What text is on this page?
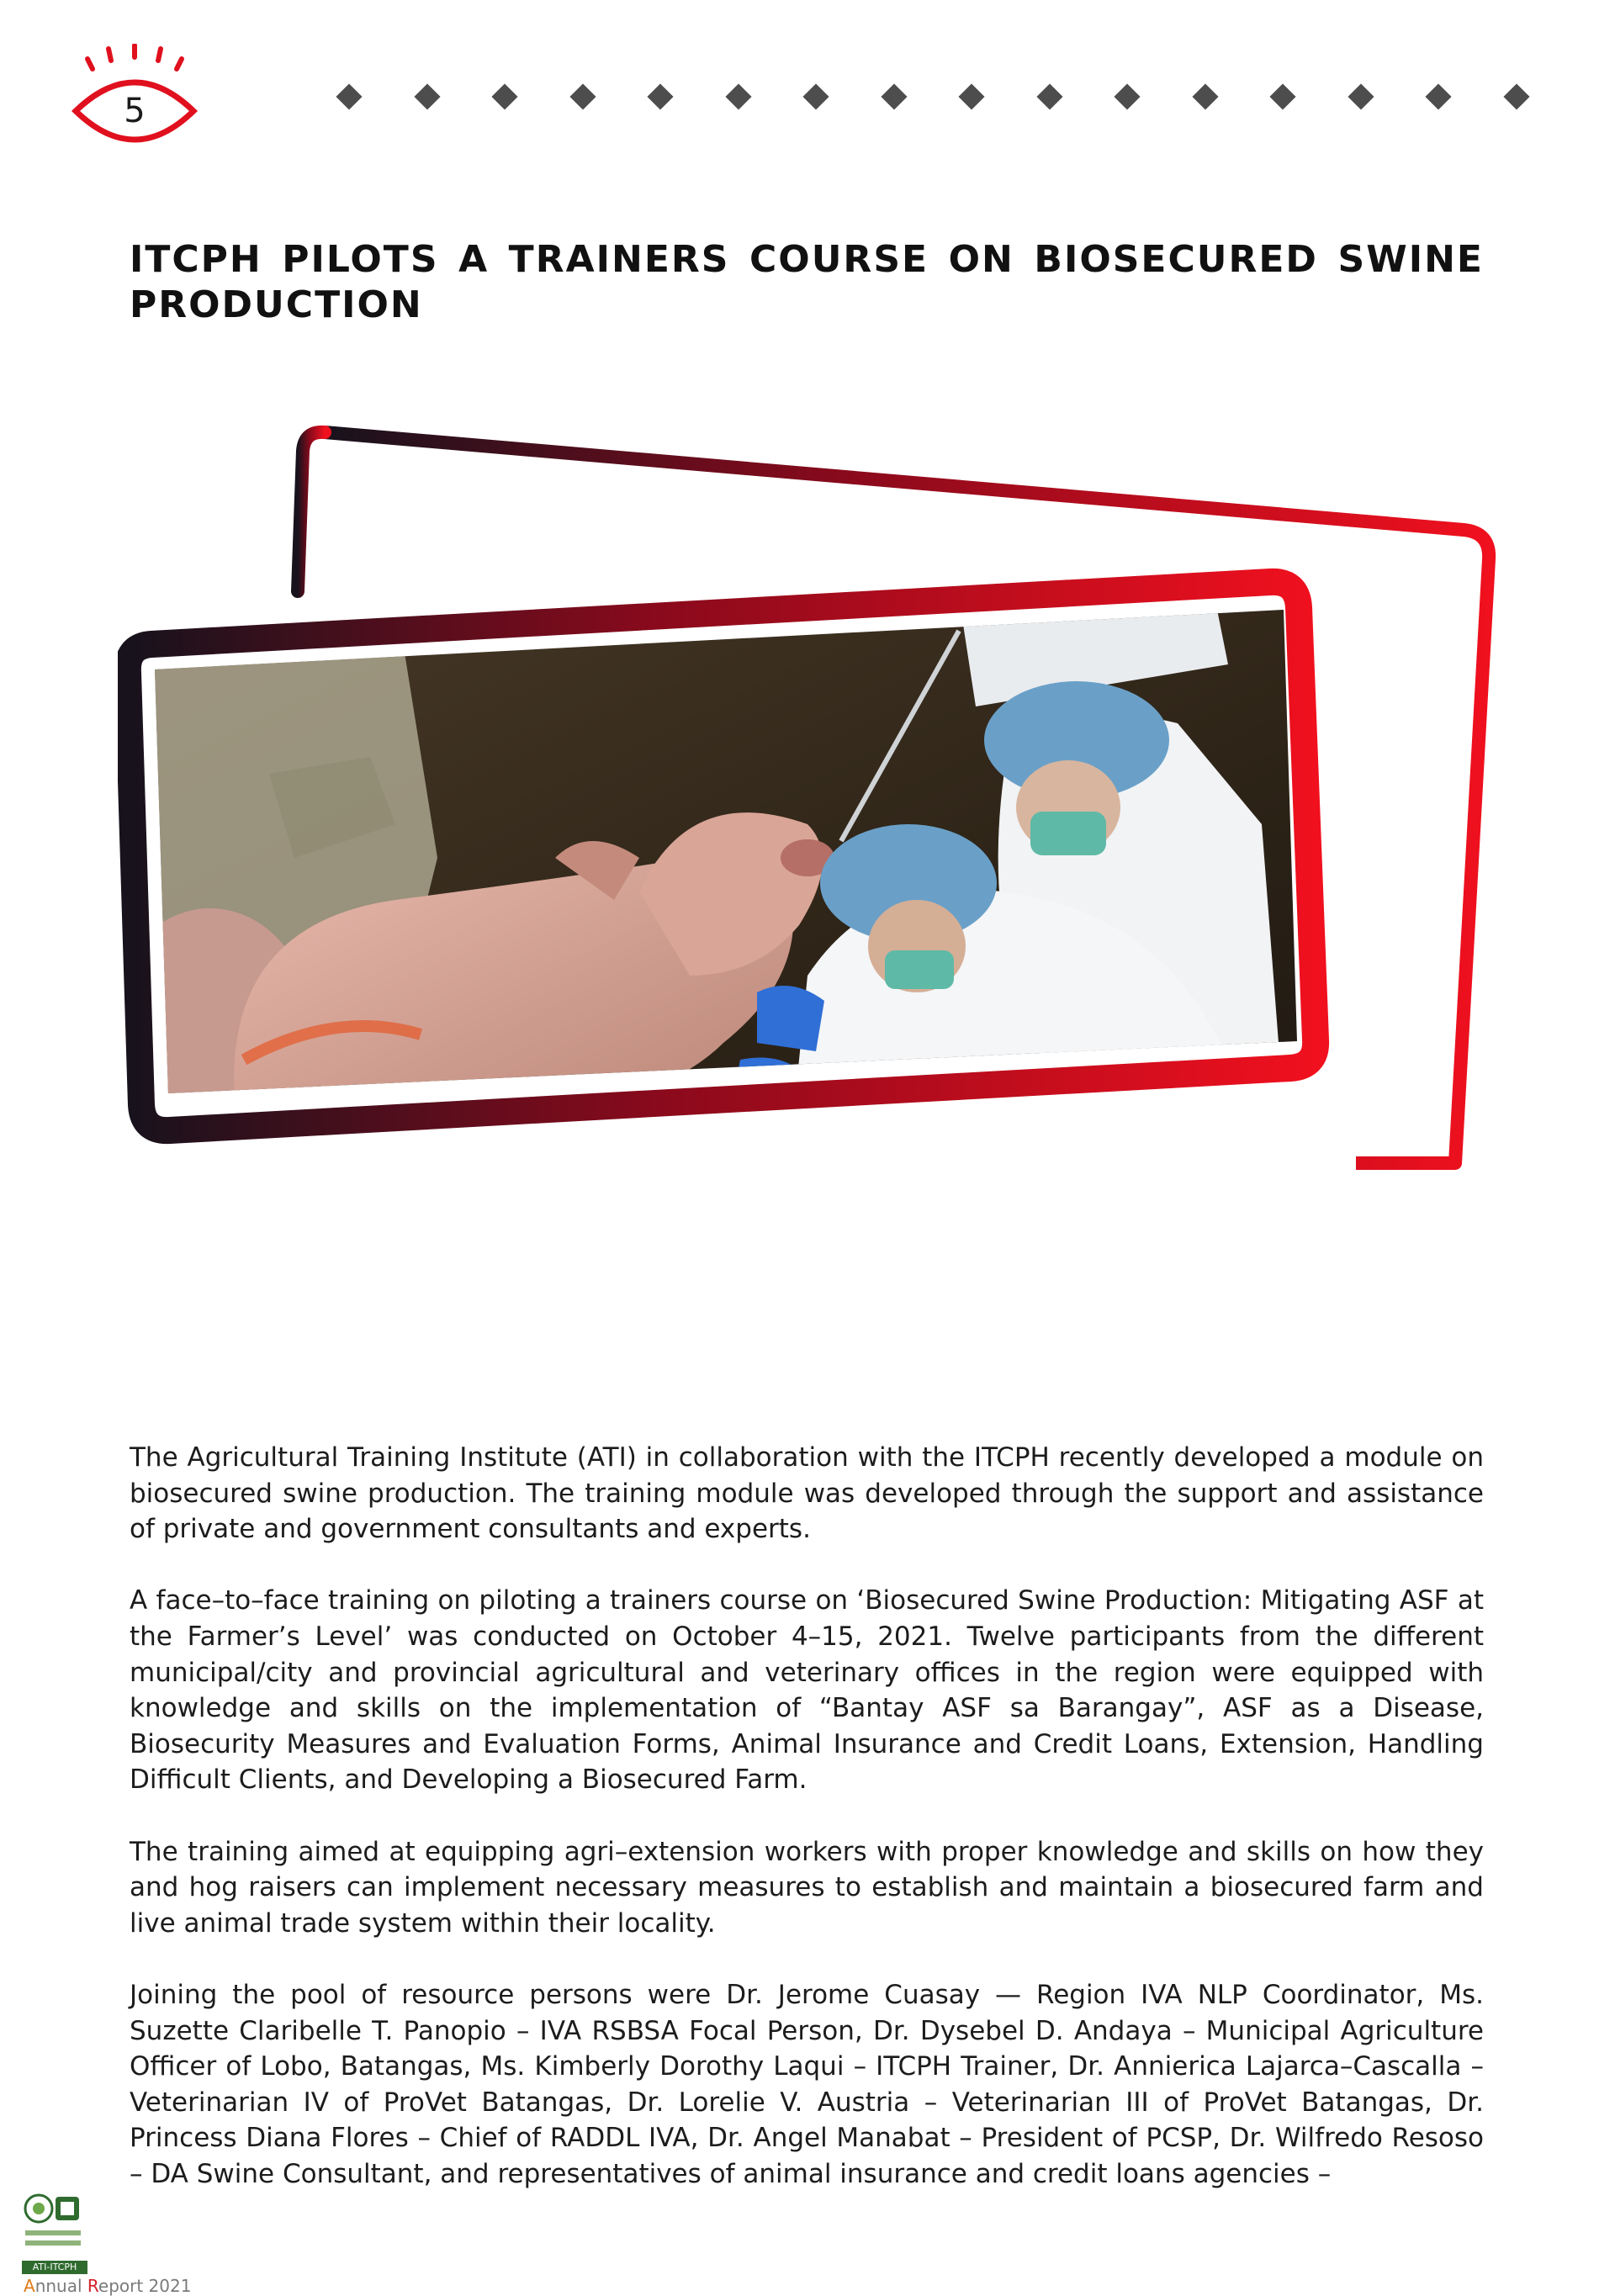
5
ITCPH PILOTS A TRAINERS COURSE ON BIOSECURED SWINE PRODUCTION

The Agricultural Training Institute (ATI) in collaboration with the ITCPH recently developed a module on biosecured swine production. The training module was developed through the support and assistance of private and government consultants and experts.

A face–to–face training on piloting a trainers course on ‘Biosecured Swine Production: Mitigating ASF at the Farmer’s Level’ was conducted on October 4–15, 2021. Twelve participants from the different municipal/city and provincial agricultural and veterinary offices in the region were equipped with knowledge and skills on the implementation of “Bantay ASF sa Barangay”, ASF as a Disease, Biosecurity Measures and Evaluation Forms, Animal Insurance and Credit Loans, Extension, Handling Difficult Clients, and Developing a Biosecured Farm.

The training aimed at equipping agri–extension workers with proper knowledge and skills on how they and hog raisers can implement necessary measures to establish and maintain a biosecured farm and live animal trade system within their locality.

Joining the pool of resource persons were Dr. Jerome Cuasay — Region IVA NLP Coordinator, Ms. Suzette Claribelle T. Panopio – IVA RSBSA Focal Person, Dr. Dysebel D. Andaya – Municipal Agriculture Officer of Lobo, Batangas, Ms. Kimberly Dorothy Laqui – ITCPH Trainer, Dr. Annierica Lajarca–Cascalla – Veterinarian IV of ProVet Batangas, Dr. Lorelie V. Austria – Veterinarian III of ProVet Batangas, Dr. Princess Diana Flores – Chief of RADDL IVA, Dr. Angel Manabat – President of PCSP, Dr. Wilfredo Resoso – DA Swine Consultant, and representatives of animal insurance and credit loans agencies –

ATI-ITCPH
Annual Report 2021
